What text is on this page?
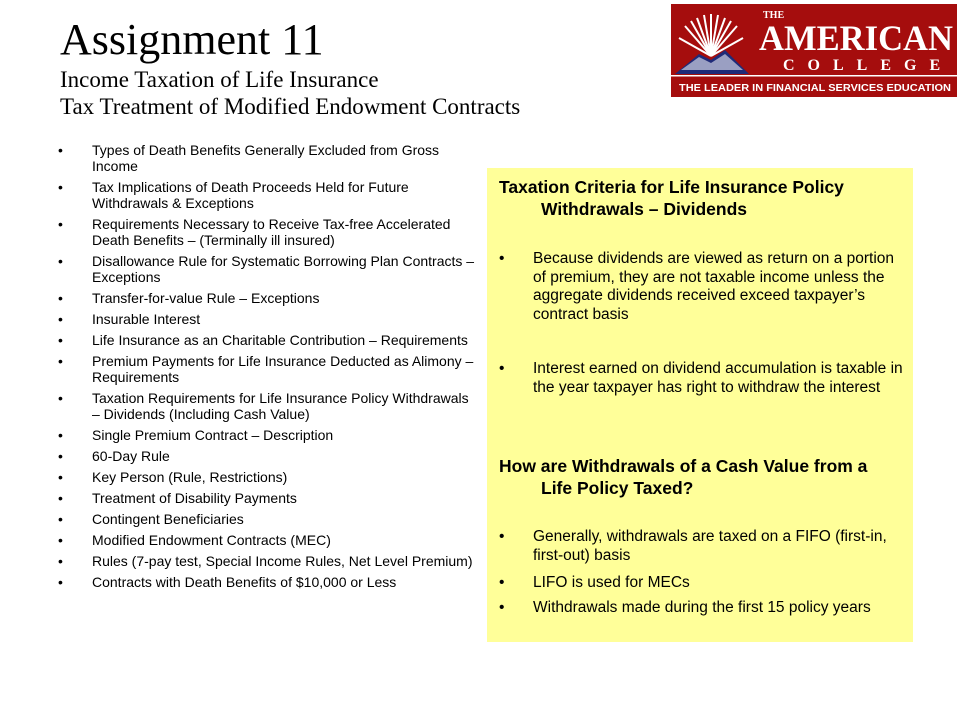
Assignment 11
Income Taxation of Life Insurance
Tax Treatment of Modified Endowment Contracts
THE
AMERICAN
COLLEGE
THE LEADER IN FINANCIAL SERVICES EDUCATION
• Types of Death Benefits Generally Excluded from Gross Income
• Tax Implications of Death Proceeds Held for Future Withdrawals & Exceptions
• Requirements Necessary to Receive Tax-free Accelerated Death Benefits – (Terminally ill insured)
• Disallowance Rule for Systematic Borrowing Plan Contracts – Exceptions
• Transfer-for-value Rule – Exceptions
• Insurable Interest
• Life Insurance as an Charitable Contribution – Requirements
• Premium Payments for Life Insurance Deducted as Alimony – Requirements
• Taxation Requirements for Life Insurance Policy Withdrawals – Dividends (Including Cash Value)
• Single Premium Contract – Description
• 60-Day Rule
• Key Person (Rule, Restrictions)
• Treatment of Disability Payments
• Contingent Beneficiaries
• Modified Endowment Contracts (MEC)
• Rules (7-pay test, Special Income Rules, Net Level Premium)
• Contracts with Death Benefits of $10,000 or Less
Taxation Criteria for Life Insurance Policy Withdrawals – Dividends
• Because dividends are viewed as return on a portion of premium, they are not taxable income unless the aggregate dividends received exceed taxpayer’s contract basis
• Interest earned on dividend accumulation is taxable in the year taxpayer has right to withdraw the interest
How are Withdrawals of a Cash Value from a Life Policy Taxed?
• Generally, withdrawals are taxed on a FIFO (first-in, first-out) basis
• LIFO is used for MECs
• Withdrawals made during the first 15 policy years
